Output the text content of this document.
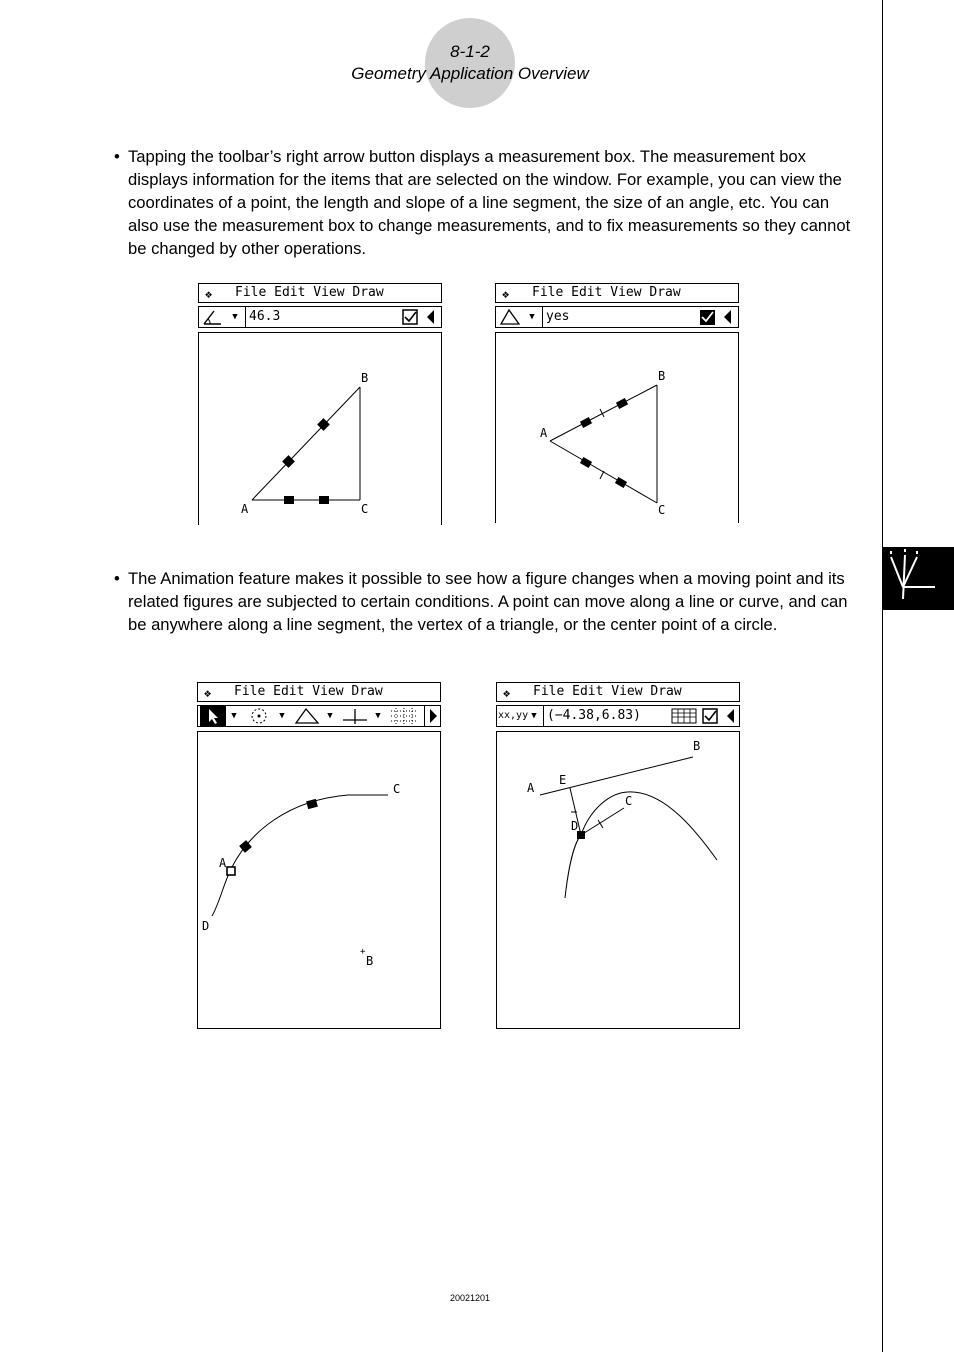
8-1-2
Geometry Application Overview
• Tapping the toolbar’s right arrow button displays a measurement box. The measurement box displays information for the items that are selected on the window. For example, you can view the coordinates of a point, the length and slope of a line segment, the size of an angle, etc. You can also use the measurement box to change measurements, and to fix measurements so they cannot be changed by other operations.
❖ File Edit View Draw
▼ 46.3
A
B
C
❖ File Edit View Draw
▼ yes
A
B
C
• The Animation feature makes it possible to see how a figure changes when a moving point and its related figures are subjected to certain conditions. A point can move along a line or curve, and can be anywhere along a line segment, the vertex of a triangle, or the center point of a circle.
❖ File Edit View Draw
▼	▼	▼	▼
A
B
C
D
+
❖ File Edit View Draw
xx,yy ▼ (−4.38,6.83)
A
B
C
D
E
20021201
